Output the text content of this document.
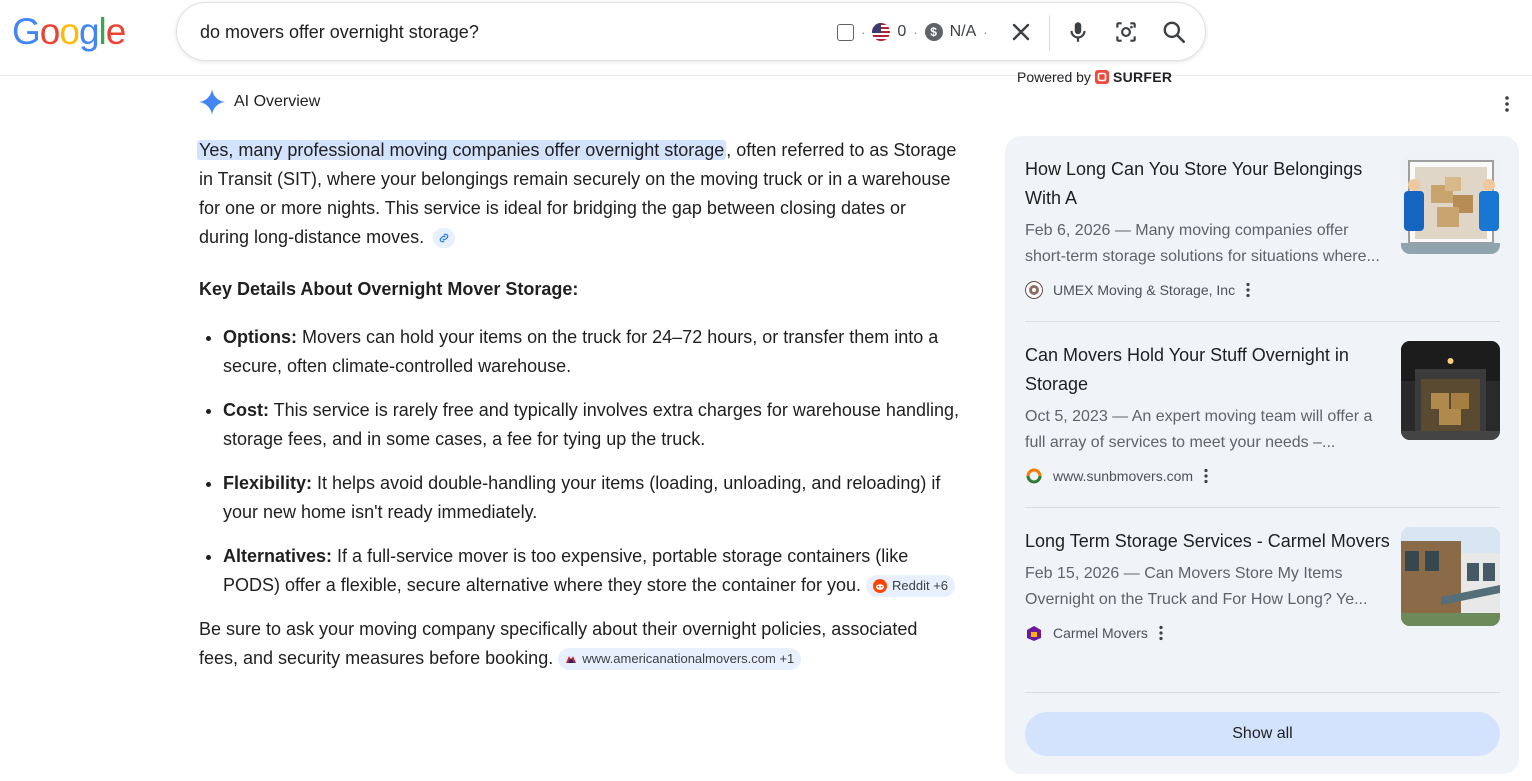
Google	do movers offer overnight storage?	· 0 ·	$ N/A ·
Powered by SURFER
AI Overview
Yes, many professional moving companies offer overnight storage , often referred to as Storage in Transit (SIT), where your belongings remain securely on the moving truck or in a warehouse for one or more nights. This service is ideal for bridging the gap between closing dates or during long-distance moves.
Key Details About Overnight Mover Storage:
• Options: Movers can hold your items on the truck for 24–72 hours, or transfer them into a secure, often climate-controlled warehouse.
• Cost: This service is rarely free and typically involves extra charges for warehouse handling, storage fees, and in some cases, a fee for tying up the truck.
• Flexibility: It helps avoid double-handling your items (loading, unloading, and reloading) if your new home isn't ready immediately.
• Alternatives: If a full-service mover is too expensive, portable storage containers (like PODS) offer a flexible, secure alternative where they store the container for you. Reddit +6
Be sure to ask your moving company specifically about their overnight policies, associated fees, and security measures before booking. www.americanationalmovers.com +1
How Long Can You Store Your Belongings With A
Feb 6, 2026 — Many moving companies offer
short-term storage solutions for situations where...
UMEX Moving & Storage, Inc
Can Movers Hold Your Stuff Overnight in Storage
Oct 5, 2023 — An expert moving team will offer a
full array of services to meet your needs –...
www.sunbmovers.com
Long Term Storage Services - Carmel Movers
Feb 15, 2026 — Can Movers Store My Items
Overnight on the Truck and For How Long? Ye...
Carmel Movers
Show all
